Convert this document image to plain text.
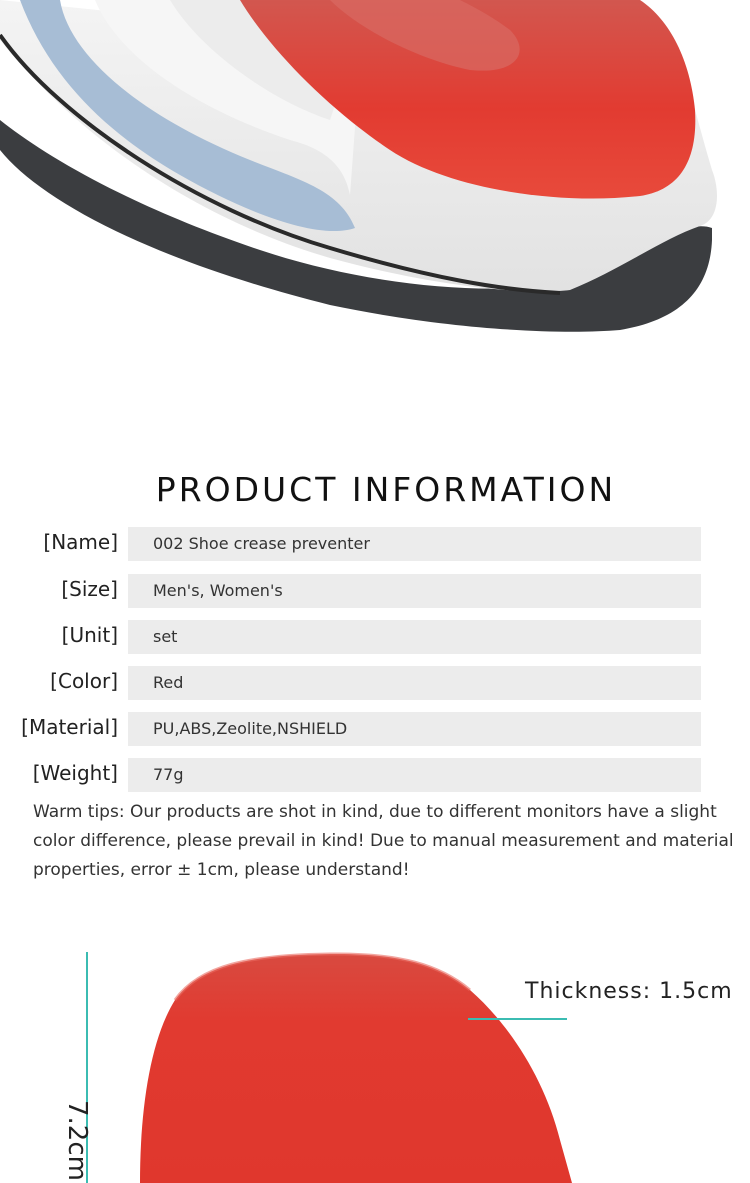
PRODUCT INFORMATION
[Name]	002 Shoe crease preventer
[Size]	Men's, Women's
[Unit]	set
[Color]	Red
[Material]	PU,ABS,Zeolite,NSHIELD
[Weight]	77g
Warm tips: Our products are shot in kind, due to different monitors have a slight color difference, please prevail in kind! Due to manual measurement and material properties, error ± 1cm, please understand!
7.2cm
Thickness: 1.5cm
